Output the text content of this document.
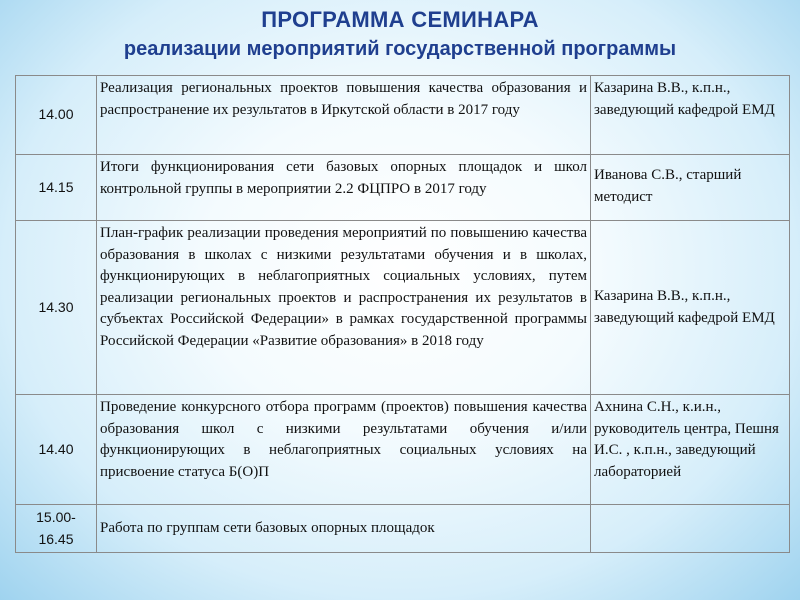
ПРОГРАММА СЕМИНАРА
реализации мероприятий государственной программы
14.00	Реализация региональных проектов повышения качества образования и распространение их результатов в Иркутской области в 2017 году	Казарина В.В., к.п.н., заведующий кафедрой ЕМД
14.15	Итоги функционирования сети базовых опорных площадок и школ контрольной группы в мероприятии 2.2 ФЦПРО в 2017 году	Иванова С.В., старший методист
14.30	План-график реализации проведения мероприятий по повышению качества образования в школах с низкими результатами обучения и в школах, функционирующих в неблагоприятных социальных условиях, путем реализации региональных проектов и распространения их результатов в субъектах Российской Федерации» в рамках государственной программы Российской Федерации «Развитие образования» в 2018 году	Казарина В.В., к.п.н., заведующий кафедрой ЕМД
14.40	Проведение конкурсного отбора программ (проектов) повышения качества образования школ с низкими результатами обучения и/или функционирующих в неблагоприятных социальных условиях на присвоение статуса Б(О)П	Ахнина С.Н., к.и.н., руководитель центра, Пешня И.С. , к.п.н., заведующий лабораторией
15.00-16.45	Работа по группам сети базовых опорных площадок	
